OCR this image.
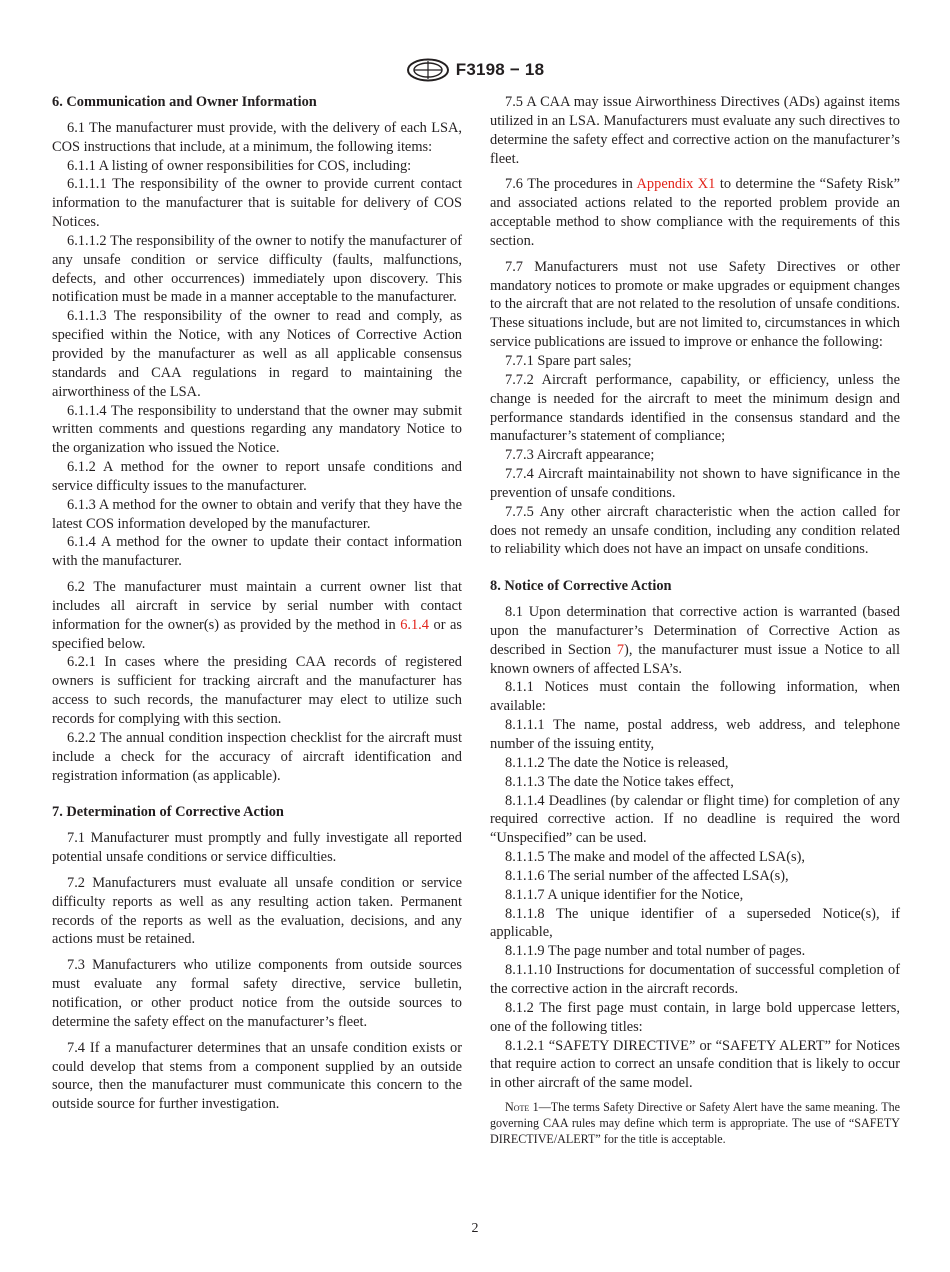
F3198 − 18

6. Communication and Owner Information

6.1 The manufacturer must provide, with the delivery of each LSA, COS instructions that include, at a minimum, the following items:

6.1.1 A listing of owner responsibilities for COS, including:

6.1.1.1 The responsibility of the owner to provide current contact information to the manufacturer that is suitable for delivery of COS Notices.

6.1.1.2 The responsibility of the owner to notify the manufacturer of any unsafe condition or service difficulty (faults, malfunctions, defects, and other occurrences) immediately upon discovery. This notification must be made in a manner acceptable to the manufacturer.

6.1.1.3 The responsibility of the owner to read and comply, as specified within the Notice, with any Notices of Corrective Action provided by the manufacturer as well as all applicable consensus standards and CAA regulations in regard to maintaining the airworthiness of the LSA.

6.1.1.4 The responsibility to understand that the owner may submit written comments and questions regarding any mandatory Notice to the organization who issued the Notice.

6.1.2 A method for the owner to report unsafe conditions and service difficulty issues to the manufacturer.

6.1.3 A method for the owner to obtain and verify that they have the latest COS information developed by the manufacturer.

6.1.4 A method for the owner to update their contact information with the manufacturer.

6.2 The manufacturer must maintain a current owner list that includes all aircraft in service by serial number with contact information for the owner(s) as provided by the method in 6.1.4 or as specified below.

6.2.1 In cases where the presiding CAA records of registered owners is sufficient for tracking aircraft and the manufacturer has access to such records, the manufacturer may elect to utilize such records for complying with this section.

6.2.2 The annual condition inspection checklist for the aircraft must include a check for the accuracy of aircraft identification and registration information (as applicable).

7. Determination of Corrective Action

7.1 Manufacturer must promptly and fully investigate all reported potential unsafe conditions or service difficulties.

7.2 Manufacturers must evaluate all unsafe condition or service difficulty reports as well as any resulting action taken. Permanent records of the reports as well as the evaluation, decisions, and any actions must be retained.

7.3 Manufacturers who utilize components from outside sources must evaluate any formal safety directive, service bulletin, notification, or other product notice from the outside sources to determine the safety effect on the manufacturer’s fleet.

7.4 If a manufacturer determines that an unsafe condition exists or could develop that stems from a component supplied by an outside source, then the manufacturer must communicate this concern to the outside source for further investigation.

7.5 A CAA may issue Airworthiness Directives (ADs) against items utilized in an LSA. Manufacturers must evaluate any such directives to determine the safety effect and corrective action on the manufacturer’s fleet.

7.6 The procedures in Appendix X1 to determine the “Safety Risk” and associated actions related to the reported problem provide an acceptable method to show compliance with the requirements of this section.

7.7 Manufacturers must not use Safety Directives or other mandatory notices to promote or make upgrades or equipment changes to the aircraft that are not related to the resolution of unsafe conditions. These situations include, but are not limited to, circumstances in which service publications are issued to improve or enhance the following:

7.7.1 Spare part sales;

7.7.2 Aircraft performance, capability, or efficiency, unless the change is needed for the aircraft to meet the minimum design and performance standards identified in the consensus standard and the manufacturer’s statement of compliance;

7.7.3 Aircraft appearance;

7.7.4 Aircraft maintainability not shown to have significance in the prevention of unsafe conditions.

7.7.5 Any other aircraft characteristic when the action called for does not remedy an unsafe condition, including any condition related to reliability which does not have an impact on unsafe conditions.

8. Notice of Corrective Action

8.1 Upon determination that corrective action is warranted (based upon the manufacturer’s Determination of Corrective Action as described in Section 7), the manufacturer must issue a Notice to all known owners of affected LSA’s.

8.1.1 Notices must contain the following information, when available:

8.1.1.1 The name, postal address, web address, and telephone number of the issuing entity,

8.1.1.2 The date the Notice is released,

8.1.1.3 The date the Notice takes effect,

8.1.1.4 Deadlines (by calendar or flight time) for completion of any required corrective action. If no deadline is required the word “Unspecified” can be used.

8.1.1.5 The make and model of the affected LSA(s),

8.1.1.6 The serial number of the affected LSA(s),

8.1.1.7 A unique identifier for the Notice,

8.1.1.8 The unique identifier of a superseded Notice(s), if applicable,

8.1.1.9 The page number and total number of pages.

8.1.1.10 Instructions for documentation of successful completion of the corrective action in the aircraft records.

8.1.2 The first page must contain, in large bold uppercase letters, one of the following titles:

8.1.2.1 “SAFETY DIRECTIVE” or “SAFETY ALERT” for Notices that require action to correct an unsafe condition that is likely to occur in other aircraft of the same model.

Note 1—The terms Safety Directive or Safety Alert have the same meaning. The governing CAA rules may define which term is appropriate. The use of “SAFETY DIRECTIVE/ALERT” for the title is acceptable.

2
